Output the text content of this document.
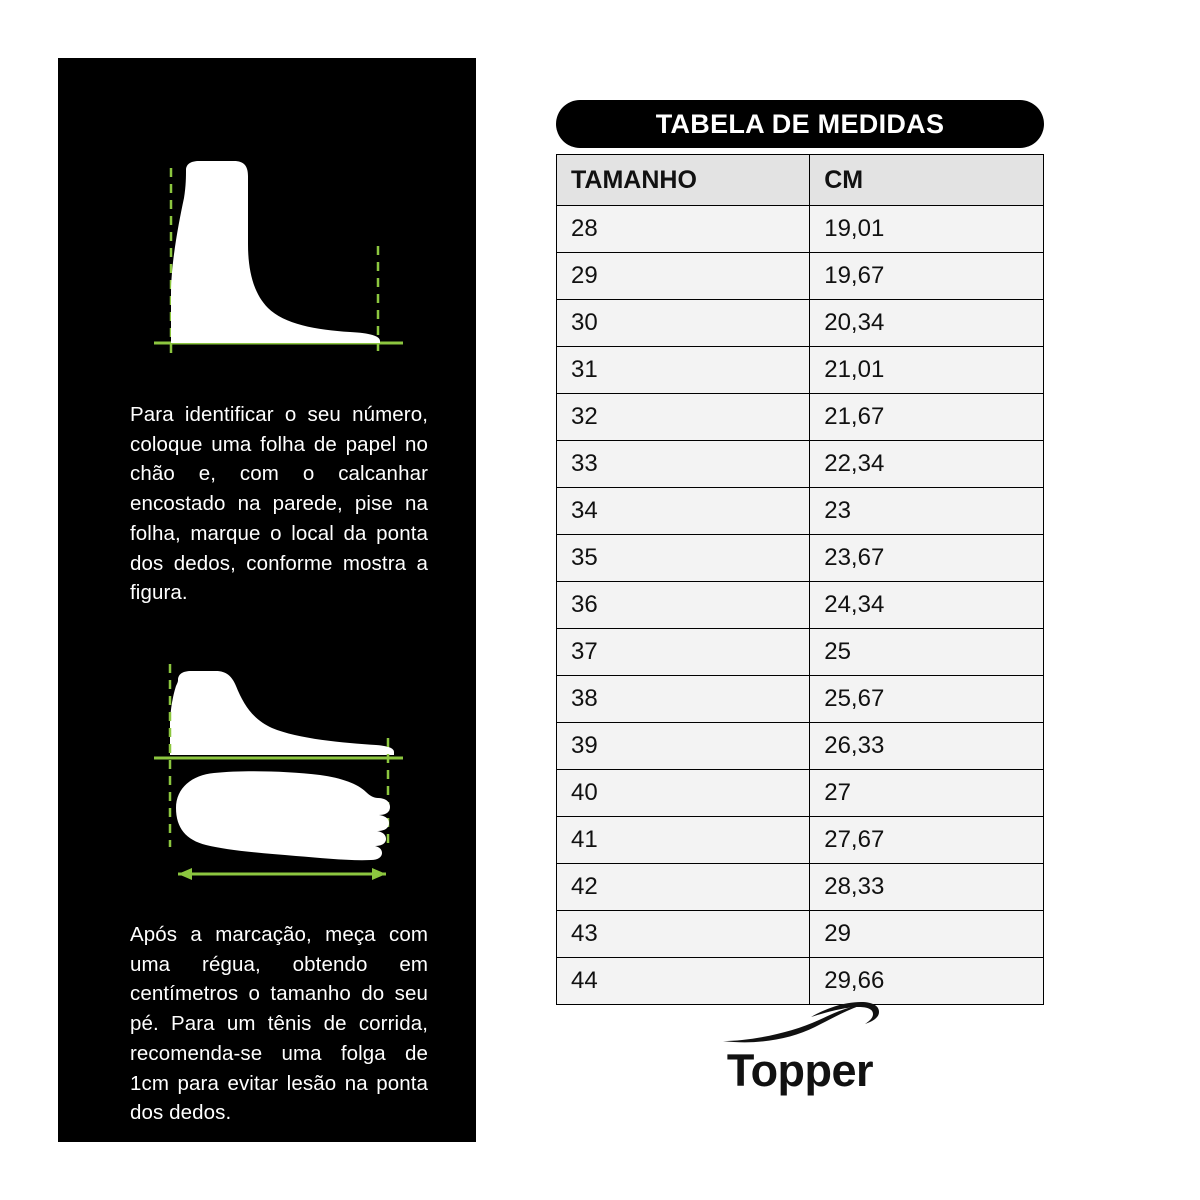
Para identificar o seu número, coloque uma folha de papel no chão e, com o calcanhar encostado na parede, pise na folha, marque o local da ponta dos dedos, conforme mostra a figura.
Após a marcação, meça com uma régua, obtendo em centímetros o tamanho do seu pé. Para um tênis de corrida, recomenda-se uma folga de 1cm para evitar lesão na ponta dos dedos.
TABELA DE MEDIDAS
TAMANHO	CM
28	19,01
29	19,67
30	20,34
31	21,01
32	21,67
33	22,34
34	23
35	23,67
36	24,34
37	25
38	25,67
39	26,33
40	27
41	27,67
42	28,33
43	29
44	29,66
Topper
